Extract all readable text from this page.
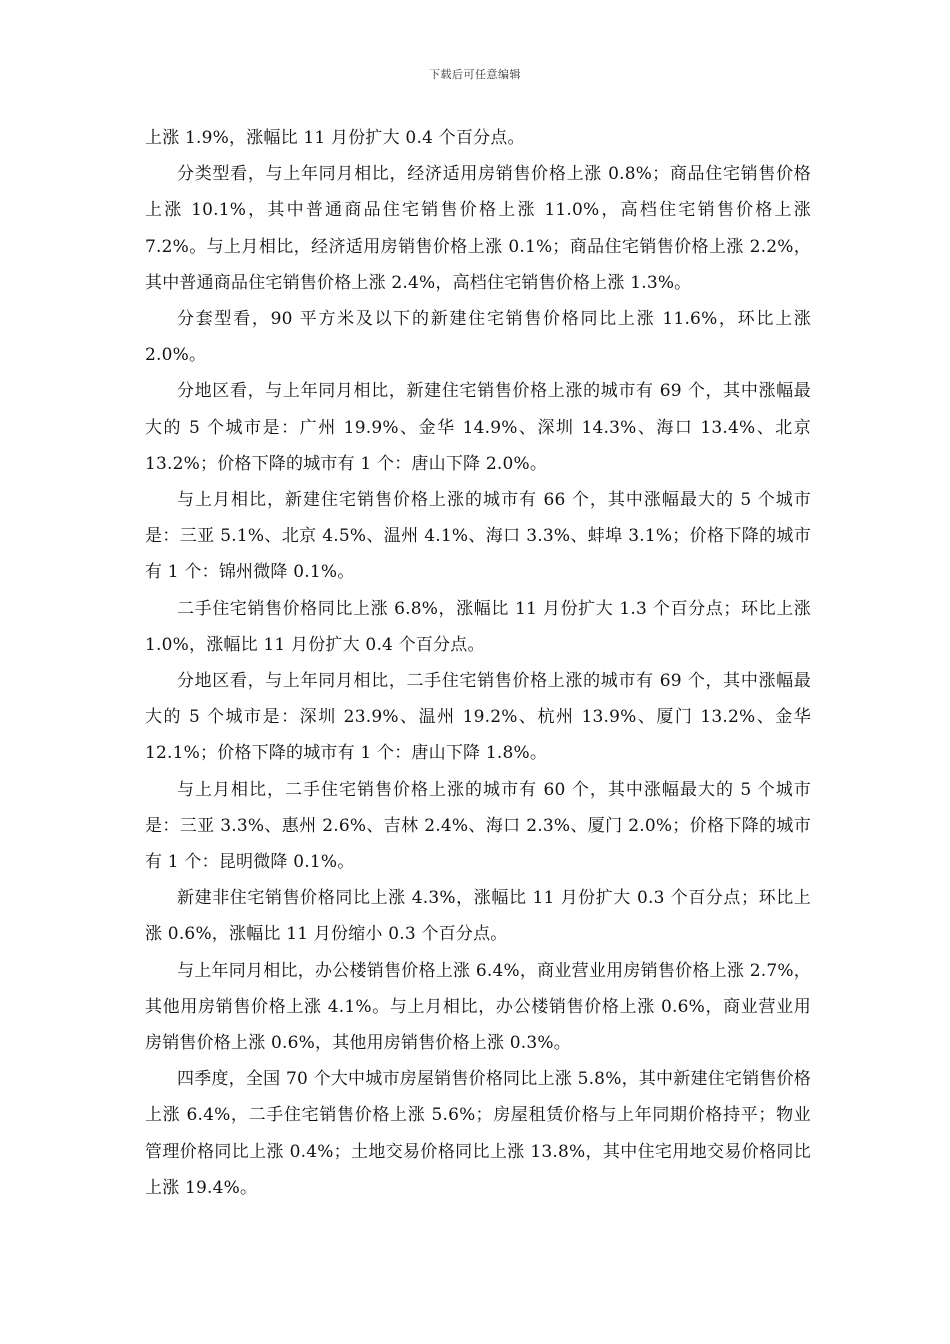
下载后可任意编辑

上涨 1.9%，涨幅比 11 月份扩大 0.4 个百分点。

分类型看，与上年同月相比，经济适用房销售价格上涨 0.8%；商品住宅销售价格上涨 10.1%，其中普通商品住宅销售价格上涨 11.0%，高档住宅销售价格上涨 7.2%。与上月相比，经济适用房销售价格上涨 0.1%；商品住宅销售价格上涨 2.2%，其中普通商品住宅销售价格上涨 2.4%，高档住宅销售价格上涨 1.3%。

分套型看，90 平方米及以下的新建住宅销售价格同比上涨 11.6%，环比上涨 2.0%。

分地区看，与上年同月相比，新建住宅销售价格上涨的城市有 69 个，其中涨幅最大的 5 个城市是：广州 19.9%、金华 14.9%、深圳 14.3%、海口 13.4%、北京 13.2%；价格下降的城市有 1 个：唐山下降 2.0%。

与上月相比，新建住宅销售价格上涨的城市有 66 个，其中涨幅最大的 5 个城市是：三亚 5.1%、北京 4.5%、温州 4.1%、海口 3.3%、蚌埠 3.1%；价格下降的城市有 1 个：锦州微降 0.1%。

二手住宅销售价格同比上涨 6.8%，涨幅比 11 月份扩大 1.3 个百分点；环比上涨 1.0%，涨幅比 11 月份扩大 0.4 个百分点。

分地区看，与上年同月相比，二手住宅销售价格上涨的城市有 69 个，其中涨幅最大的 5 个城市是：深圳 23.9%、温州 19.2%、杭州 13.9%、厦门 13.2%、金华 12.1%；价格下降的城市有 1 个：唐山下降 1.8%。

与上月相比，二手住宅销售价格上涨的城市有 60 个，其中涨幅最大的 5 个城市是：三亚 3.3%、惠州 2.6%、吉林 2.4%、海口 2.3%、厦门 2.0%；价格下降的城市有 1 个：昆明微降 0.1%。

新建非住宅销售价格同比上涨 4.3%，涨幅比 11 月份扩大 0.3 个百分点；环比上涨 0.6%，涨幅比 11 月份缩小 0.3 个百分点。

与上年同月相比，办公楼销售价格上涨 6.4%，商业营业用房销售价格上涨 2.7%，其他用房销售价格上涨 4.1%。与上月相比，办公楼销售价格上涨 0.6%，商业营业用房销售价格上涨 0.6%，其他用房销售价格上涨 0.3%。

四季度，全国 70 个大中城市房屋销售价格同比上涨 5.8%，其中新建住宅销售价格上涨 6.4%，二手住宅销售价格上涨 5.6%；房屋租赁价格与上年同期价格持平；物业管理价格同比上涨 0.4%；土地交易价格同比上涨 13.8%，其中住宅用地交易价格同比上涨 19.4%。
